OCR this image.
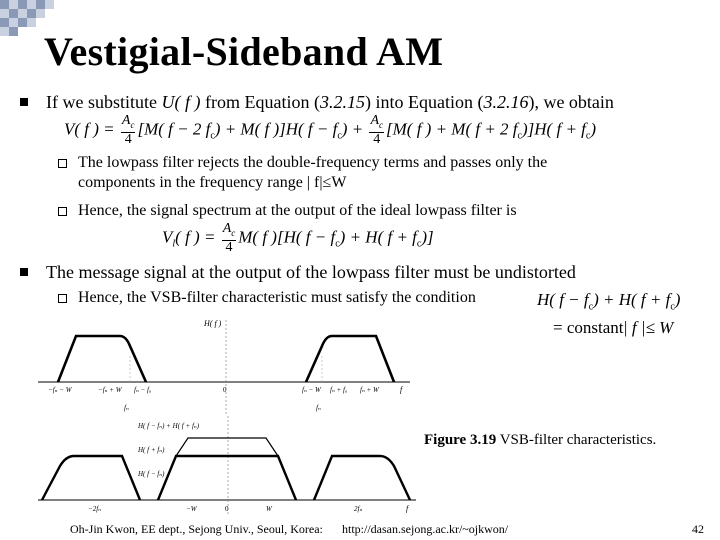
Vestigial-Sideband AM
If we substitute U( f ) from Equation (3.2.15) into Equation (3.2.16), we obtain
V( f ) = $\frac{A_c}{4} [M$( f − 2 $f_c) + M$( f )]H( $f - f_c) + \frac{A_c}{4} [M$( f ) + M( f + 2 $f_c)]H$( $f + f_c$)
The lowpass filter rejects the double-frequency terms and passes only the
components in the frequency range | f|≤W
Hence, the signal spectrum at the output of the ideal lowpass filter is
$V_l$( f ) = $\frac{A_c}{4} M$( f )[H( $f - f_c) + H$( $f + f_c$)]
The message signal at the output of the lowpass filter must be undistorted
Hence, the VSB-filter characteristic must satisfy the condition	H( $f - f_c) + H$( $f + f_c$)
= constant | f |≤ W
H( f )
−fₙ − W	−fₙ + W fₙ − fₐ	0	fₙ − W fₙ + fₐ fₙ + W	f
fₙ	fₙ
H( f − fₙ) + H( f + fₙ)
H( f + fₙ)
H( f − fₙ)
−2fₙ	−W	0	W	2fₙ	f
Figure 3.19 VSB-filter characteristics.
Oh-Jin Kwon, EE dept., Sejong Univ., Seoul, Korea: http://dasan.sejong.ac.kr/~ojkwon/	42
